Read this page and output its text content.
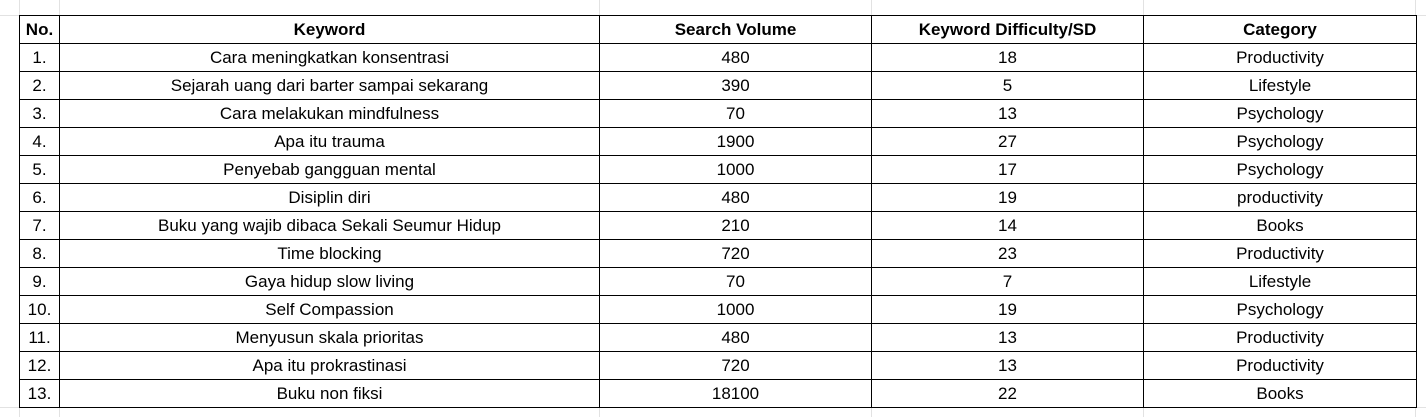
No.	Keyword	Search Volume	Keyword Difficulty/SD	Category
1.	Cara meningkatkan konsentrasi	480	18	Productivity
2.	Sejarah uang dari barter sampai sekarang	390	5	Lifestyle
3.	Cara melakukan mindfulness	70	13	Psychology
4.	Apa itu trauma	1900	27	Psychology
5.	Penyebab gangguan mental	1000	17	Psychology
6.	Disiplin diri	480	19	productivity
7.	Buku yang wajib dibaca Sekali Seumur Hidup	210	14	Books
8.	Time blocking	720	23	Productivity
9.	Gaya hidup slow living	70	7	Lifestyle
10.	Self Compassion	1000	19	Psychology
11.	Menyusun skala prioritas	480	13	Productivity
12.	Apa itu prokrastinasi	720	13	Productivity
13.	Buku non fiksi	18100	22	Books
